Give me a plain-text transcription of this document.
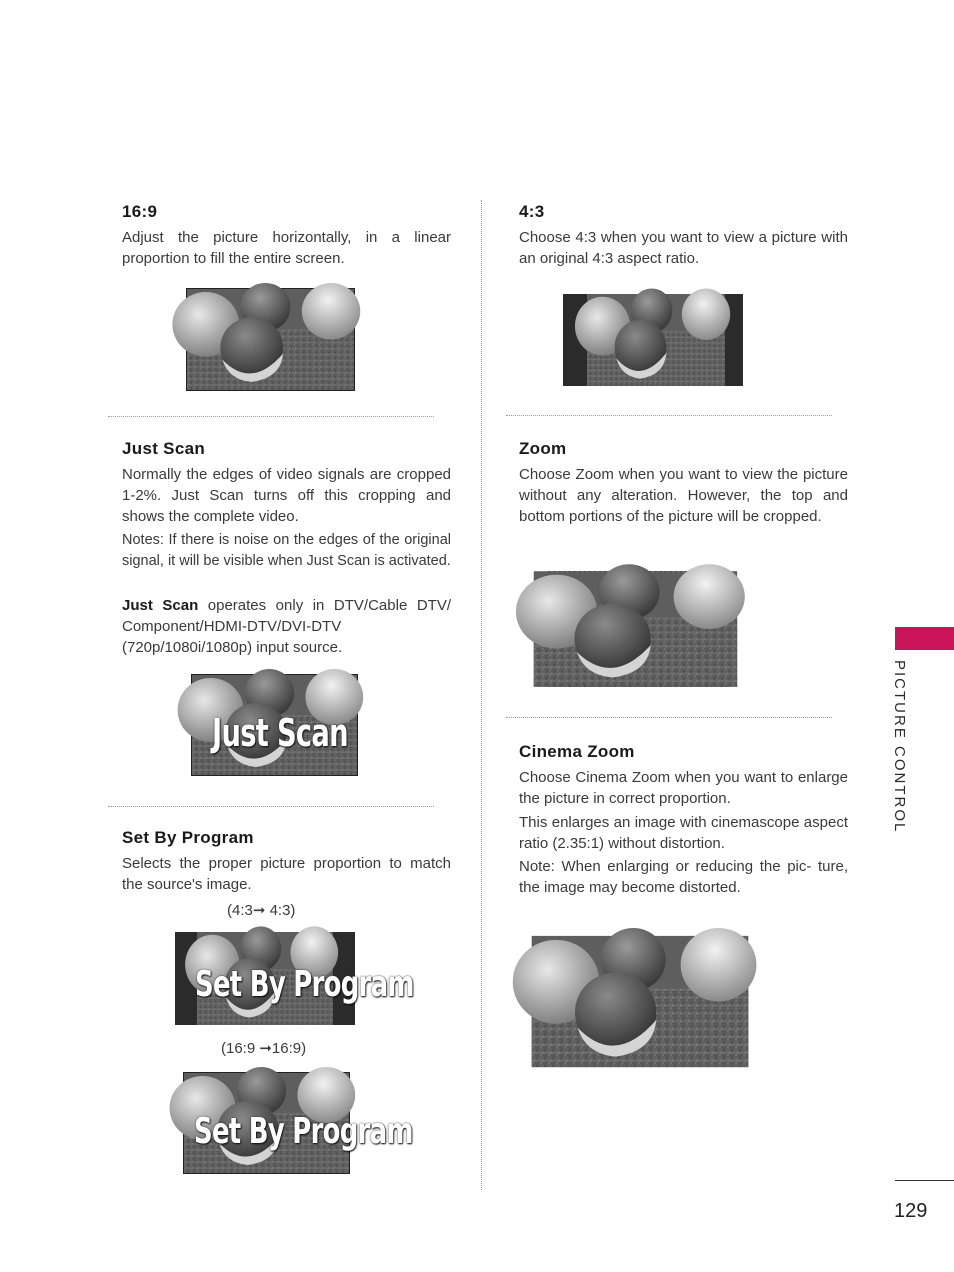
16:9

Adjust the picture horizontally, in a linear proportion to fill the entire screen.

Just Scan

Normally the edges of video signals are cropped 1-2%. Just Scan turns off this cropping and shows the complete video.

Notes: If there is noise on the edges of the original signal, it will be visible when Just Scan is activated.

Just Scan operates only in DTV/Cable DTV/ Component/HDMI-DTV/DVI-DTV (720p/1080i/1080p) input source.

Just Scan
Set By Program

Selects the proper picture proportion to match the source's image.

(4:3➞ 4:3)
Set By Program
(16:9 ➞16:9)
Set By Program
4:3

Choose 4:3 when you want to view a picture with an original 4:3 aspect ratio.

Zoom

Choose Zoom when you want to view the picture without any alteration. However, the top and bottom portions of the picture will be cropped.

Cinema Zoom

Choose Cinema Zoom when you want to enlarge the picture in correct proportion.

This enlarges an image with cinemascope aspect ratio (2.35:1) without distortion.

Note: When enlarging or reducing the pic- ture, the image may become distorted.

PICTURE CONTROL
129
